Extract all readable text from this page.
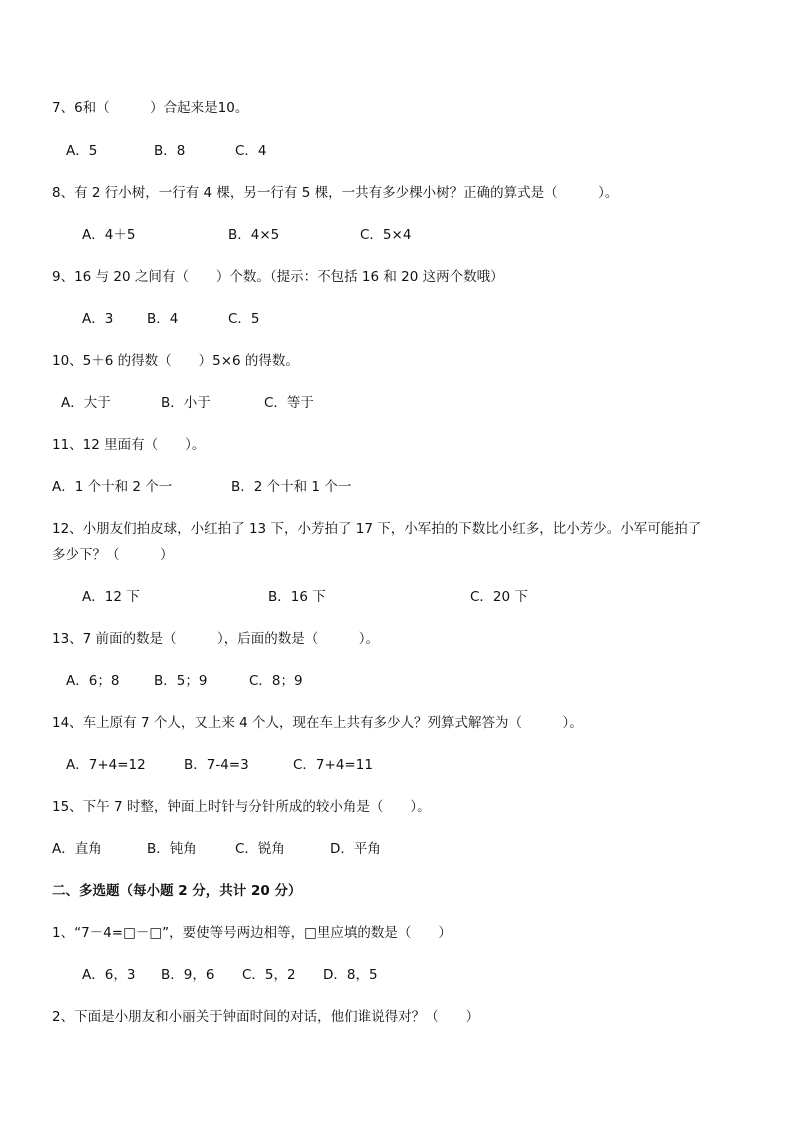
7、6和（　　　）合起来是10。
A．5	B．8	C．4
8、有 2 行小树，一行有 4 棵，另一行有 5 棵，一共有多少棵小树？正确的算式是（　　　）。
A．4＋5	B．4×5	C．5×4
9、16 与 20 之间有（　　）个数。（提示：不包括 16 和 20 这两个数哦）
A．3 B．4	C．5
10、5＋6 的得数（　　）5×6 的得数。
A．大于	B．小于	C．等于
11、12 里面有（　　）。
A．1 个十和 2 个一	B．2 个十和 1 个一
12、小朋友们拍皮球，小红拍了 13 下，小芳拍了 17 下，小军拍的下数比小红多，比小芳少。小军可能拍了
多少下？（　　　）
A．12 下	B．16 下	C．20 下
13、7 前面的数是（　　　），后面的数是（　　　）。
A．6；8	B．5；9	C．8；9
14、车上原有 7 个人，又上来 4 个人，现在车上共有多少人？列算式解答为（　　　）。
A．7+4=12	B．7-4=3	C．7+4=11
15、下午 7 时整，钟面上时针与分针所成的较小角是（　　）。
A．直角	B．钝角	C．锐角	D．平角
二、多选题（每小题 2 分，共计 20 分）
1、“7－4=□－□”，要使等号两边相等，□里应填的数是（　　）
A．6，3 B．9，6 C．5，2 D．8，5
2、下面是小朋友和小丽关于钟面时间的对话，他们谁说得对？（　　）
